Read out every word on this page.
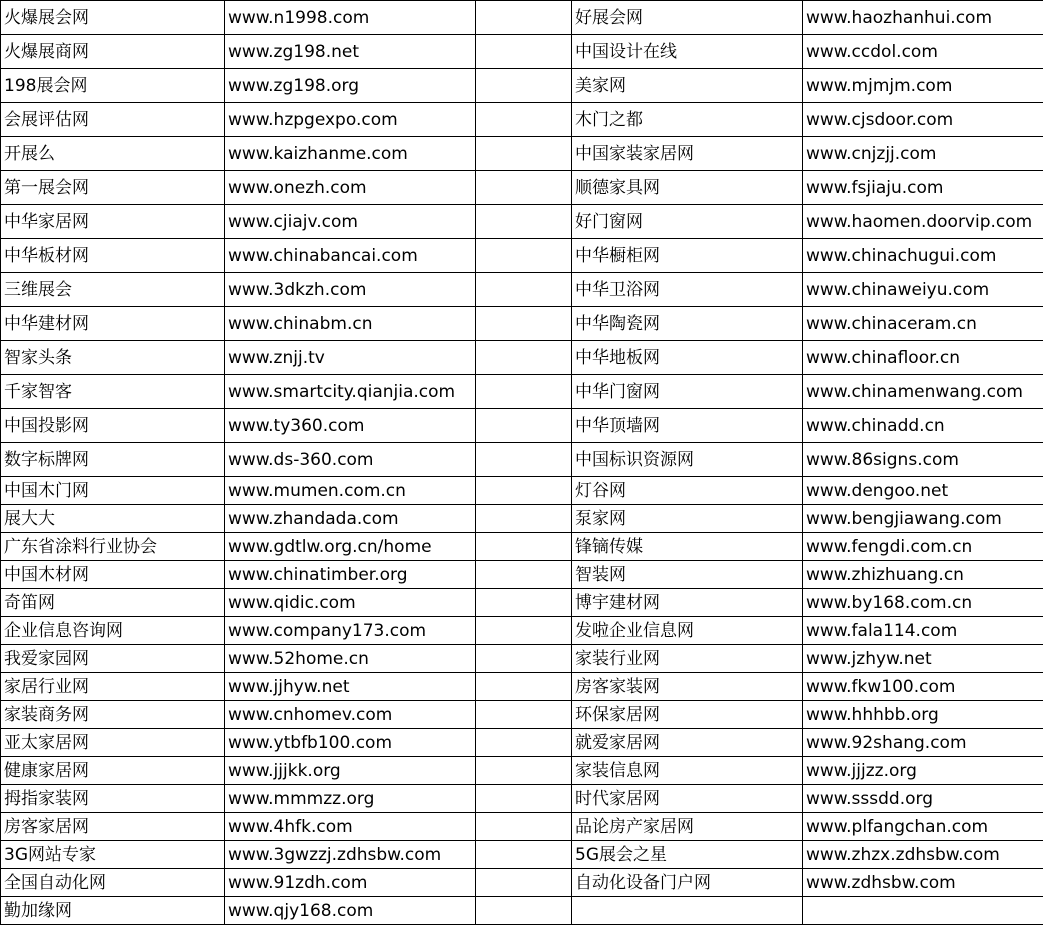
火爆展会网	www.n1998.com		好展会网	www.haozhanhui.com
火爆展商网	www.zg198.net		中国设计在线	www.ccdol.com
198展会网	www.zg198.org		美家网	www.mjmjm.com
会展评估网	www.hzpgexpo.com		木门之都	www.cjsdoor.com
开展么	www.kaizhanme.com		中国家装家居网	www.cnjzjj.com
第一展会网	www.onezh.com		顺德家具网	www.fsjiaju.com
中华家居网	www.cjiajv.com		好门窗网	www.haomen.doorvip.com
中华板材网	www.chinabancai.com		中华橱柜网	www.chinachugui.com
三维展会	www.3dkzh.com		中华卫浴网	www.chinaweiyu.com
中华建材网	www.chinabm.cn		中华陶瓷网	www.chinaceram.cn
智家头条	www.znjj.tv		中华地板网	www.chinafloor.cn
千家智客	www.smartcity.qianjia.com		中华门窗网	www.chinamenwang.com
中国投影网	www.ty360.com		中华顶墙网	www.chinadd.cn
数字标牌网	www.ds-360.com		中国标识资源网	www.86signs.com
中国木门网	www.mumen.com.cn		灯谷网	www.dengoo.net
展大大	www.zhandada.com		泵家网	www.bengjiawang.com
广东省涂料行业协会	www.gdtlw.org.cn/home		锋镝传媒	www.fengdi.com.cn
中国木材网	www.chinatimber.org		智装网	www.zhizhuang.cn
奇笛网	www.qidic.com		博宇建材网	www.by168.com.cn
企业信息咨询网	www.company173.com		发啦企业信息网	www.fala114.com
我爱家园网	www.52home.cn		家装行业网	www.jzhyw.net
家居行业网	www.jjhyw.net		房客家装网	www.fkw100.com
家装商务网	www.cnhomev.com		环保家居网	www.hhhbb.org
亚太家居网	www.ytbfb100.com		就爱家居网	www.92shang.com
健康家居网	www.jjjkk.org		家装信息网	www.jjjzz.org
拇指家装网	www.mmmzz.org		时代家居网	www.sssdd.org
房客家居网	www.4hfk.com		品论房产家居网	www.plfangchan.com
3G网站专家	www.3gwzzj.zdhsbw.com		5G展会之星	www.zhzx.zdhsbw.com
全国自动化网	www.91zdh.com		自动化设备门户网	www.zdhsbw.com
勤加缘网	www.qjy168.com			
